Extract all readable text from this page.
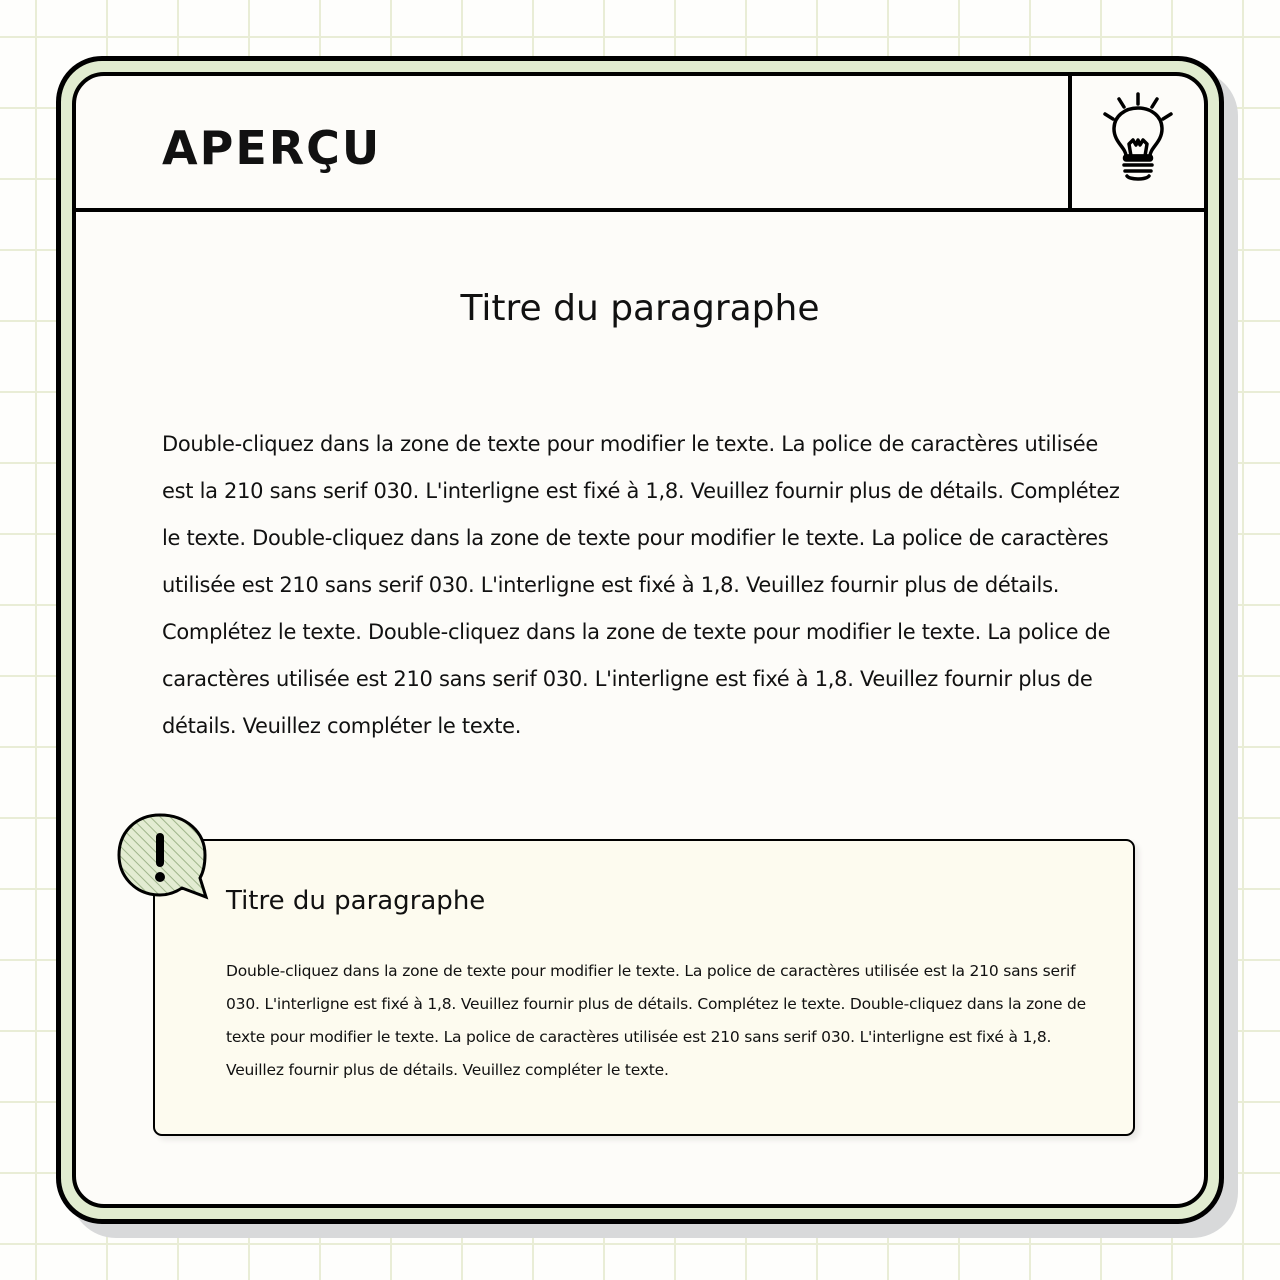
APERÇU
Titre du paragraphe
Double-cliquez dans la zone de texte pour modifier le texte. La police de caractères utilisée est la 210 sans serif 030. L'interligne est fixé à 1,8. Veuillez fournir plus de détails. Complétez le texte. Double-cliquez dans la zone de texte pour modifier le texte. La police de caractères utilisée est 210 sans serif 030. L'interligne est fixé à 1,8. Veuillez fournir plus de détails. Complétez le texte. Double-cliquez dans la zone de texte pour modifier le texte. La police de caractères utilisée est 210 sans serif 030. L'interligne est fixé à 1,8. Veuillez fournir plus de détails. Veuillez compléter le texte.
Titre du paragraphe
Double-cliquez dans la zone de texte pour modifier le texte. La police de caractères utilisée est la 210 sans serif 030. L'interligne est fixé à 1,8. Veuillez fournir plus de détails. Complétez le texte. Double-cliquez dans la zone de texte pour modifier le texte. La police de caractères utilisée est 210 sans serif 030. L'interligne est fixé à 1,8. Veuillez fournir plus de détails. Veuillez compléter le texte.
